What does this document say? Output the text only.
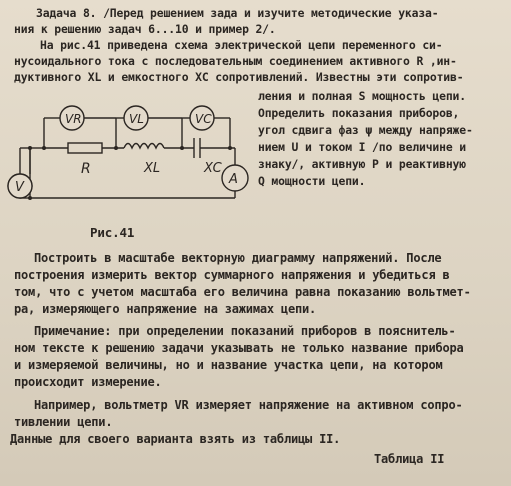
Задача 8. /Перед решением зада и изучите методические указа-
ния к решению задач 6...10 и пример 2/.
На рис.41 приведена схема электрической цепи переменного си-
нусоидального тока с последовательным соединением активного R ,ин-
дуктивного XL и емкостного XC сопротивлений. Известны эти сопротив-
ления и полная S мощность цепи.
Определить показания приборов,
угол сдвига фаз ψ между напряже-
нием U и током I /по величине и
знаку/, активную P и реактивную
Q мощности цепи.
VR	VL	VC
V
A
R	XL	XC
Рис.41
Построить в масштабе векторную диаграмму напряжений. После
построения измерить вектор суммарного напряжения и убедиться в
том, что с учетом масштаба его величина равна показанию вольтмет-
ра, измеряющего напряжение на зажимах цепи.
Примечание: при определении показаний приборов в пояснитель-
ном тексте к решению задачи указывать не только название прибора
и измеряемой величины, но и название участка цепи, на котором
происходит измерение.
Например, вольтметр VR измеряет напряжение на активном сопро-
тивлении цепи.
Данные для своего варианта взять из таблицы II.
Таблица II
